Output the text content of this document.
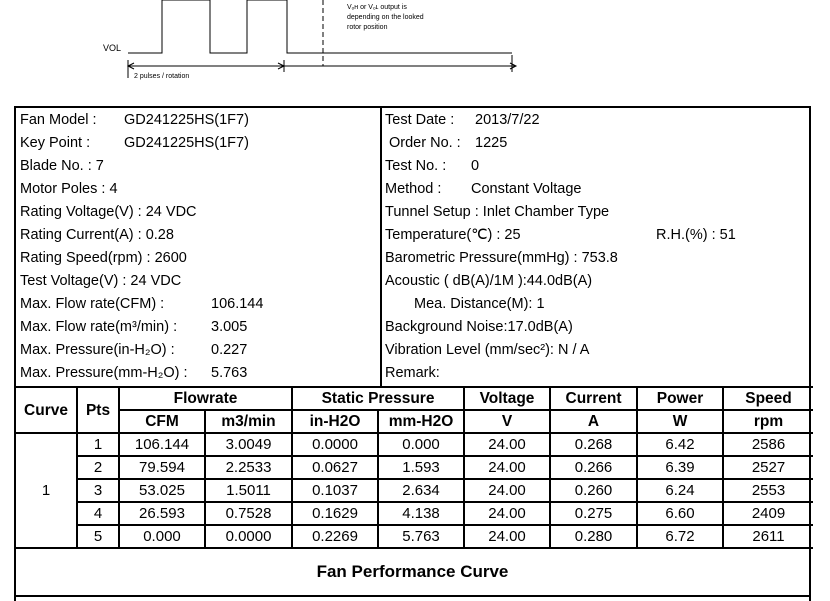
Vₒʜ or Vₒʟ output is
depending on the looked
rotor position
VOL
2 pulses / rotation
Fan Model : GD241225HS(1F7)
Key Point : GD241225HS(1F7)
Blade No. : 7
Motor Poles : 4
Rating Voltage(V) : 24 VDC
Rating Current(A) : 0.28
Rating Speed(rpm) : 2600
Test Voltage(V) : 24 VDC
Max. Flow rate(CFM) :	106.144
Max. Flow rate(m³/min) : 3.005
Max. Pressure(in-H₂O) :	0.227
Max. Pressure(mm-H₂O) : 5.763
Test Date : 2013/7/22
Order No. : 1225
Test No. : 0
Method : Constant Voltage
Tunnel Setup : Inlet Chamber Type
Temperature(℃) : 25	R.H.(%) : 51
Barometric Pressure(mmHg) : 753.8
Acoustic ( dB(A)/1M ):44.0dB(A)
Mea. Distance(M): 1
Background Noise:17.0dB(A)
Vibration Level (mm/sec²): N / A
Remark:
Curve	Pts	Flowrate		Static Pressure		Voltage	Current	Power	Speed
		CFM	m3/min	in-H2O	mm-H2O	V	A	W	rpm
1	1	106.144	3.0049	0.0000	0.000	24.00	0.268	6.42	2586
	2	79.594	2.2533	0.0627	1.593	24.00	0.266	6.39	2527
	3	53.025	1.5011	0.1037	2.634	24.00	0.260	6.24	2553
	4	26.593	0.7528	0.1629	4.138	24.00	0.275	6.60	2409
	5	0.000	0.0000	0.2269	5.763	24.00	0.280	6.72	2611
Fan Performance Curve
